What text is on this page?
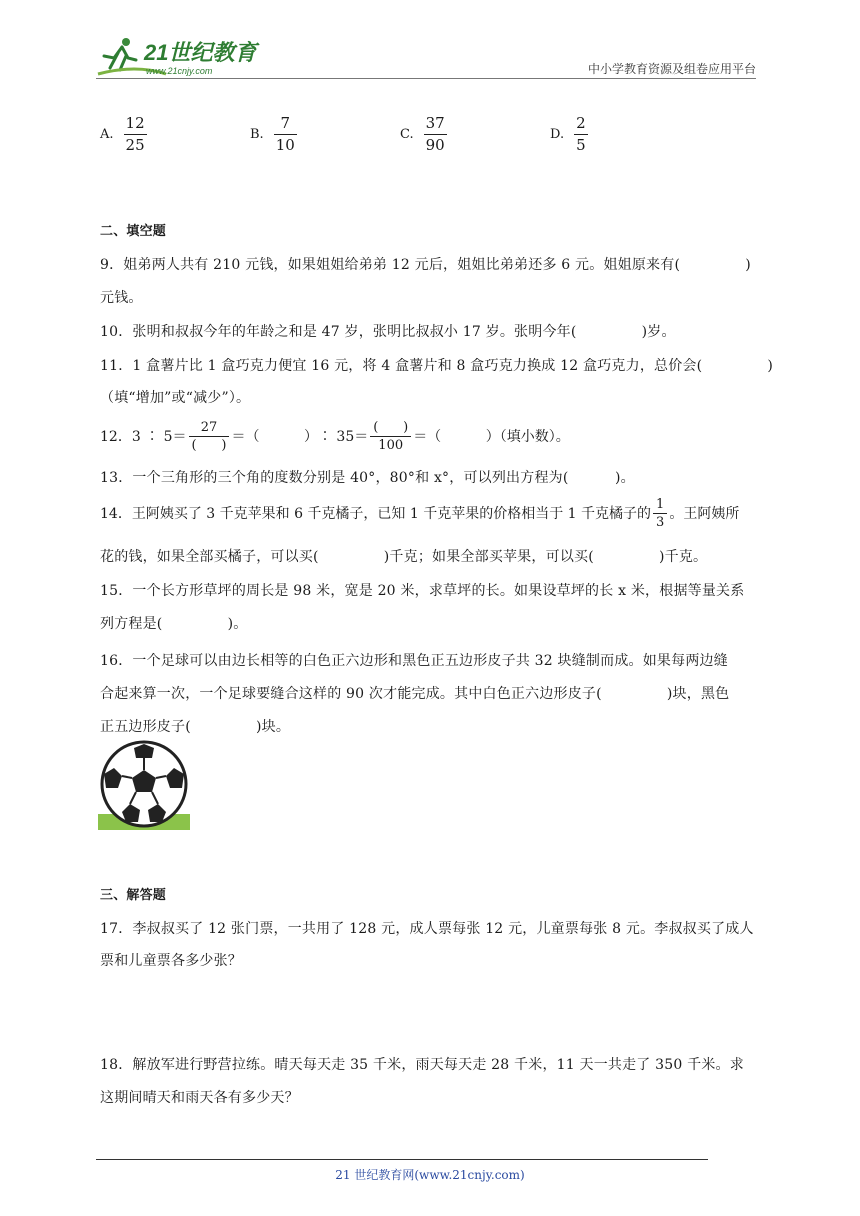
21世纪教育
www.21cnjy.com	中小学教育资源及组卷应用平台
A. $\frac{12}{25}$	B. $\frac{7}{10}$	C. $\frac{37}{90}$	D. $\frac{2}{5}$
二、填空题
9．姐弟两人共有 210 元钱，如果姐姐给弟弟 12 元后，姐姐比弟弟还多 6 元。姐姐原来有(              )
元钱。
10．张明和叔叔今年的年龄之和是 47 岁，张明比叔叔小 17 岁。张明今年(              )岁。
11．1 盒薯片比 1 盒巧克力便宜 16 元，将 4 盒薯片和 8 盒巧克力换成 12 盒巧克力，总价会(              )
（填“增加”或“减少”）。
12．3 ∶ $5= \frac{27}{( )}$ ＝（          ）∶ $35= \frac{( )}{100}$ ＝（          ）（填小数）。
13．一个三角形的三个角的度数分别是 40°，80°和 x°，可以列出方程为(          )。
14．王阿姨买了 3 千克苹果和 6 千克橘子，已知 1 千克苹果的价格相当于 1 千克橘子的 $\frac{1}{3}$ 。王阿姨所
花的钱，如果全部买橘子，可以买(              )千克；如果全部买苹果，可以买(              )千克。
15．一个长方形草坪的周长是 98 米，宽是 20 米，求草坪的长。如果设草坪的长 x 米，根据等量关系
列方程是(              )。
16．一个足球可以由边长相等的白色正六边形和黑色正五边形皮子共 32 块缝制而成。如果每两边缝
合起来算一次，一个足球要缝合这样的 90 次才能完成。其中白色正六边形皮子(              )块，黑色
正五边形皮子(              )块。
三、解答题
17．李叔叔买了 12 张门票，一共用了 128 元，成人票每张 12 元，儿童票每张 8 元。李叔叔买了成人
票和儿童票各多少张？
18．解放军进行野营拉练。晴天每天走 35 千米，雨天每天走 28 千米，11 天一共走了 350 千米。求
这期间晴天和雨天各有多少天？
21 世纪教育网(www.21cnjy.com)
